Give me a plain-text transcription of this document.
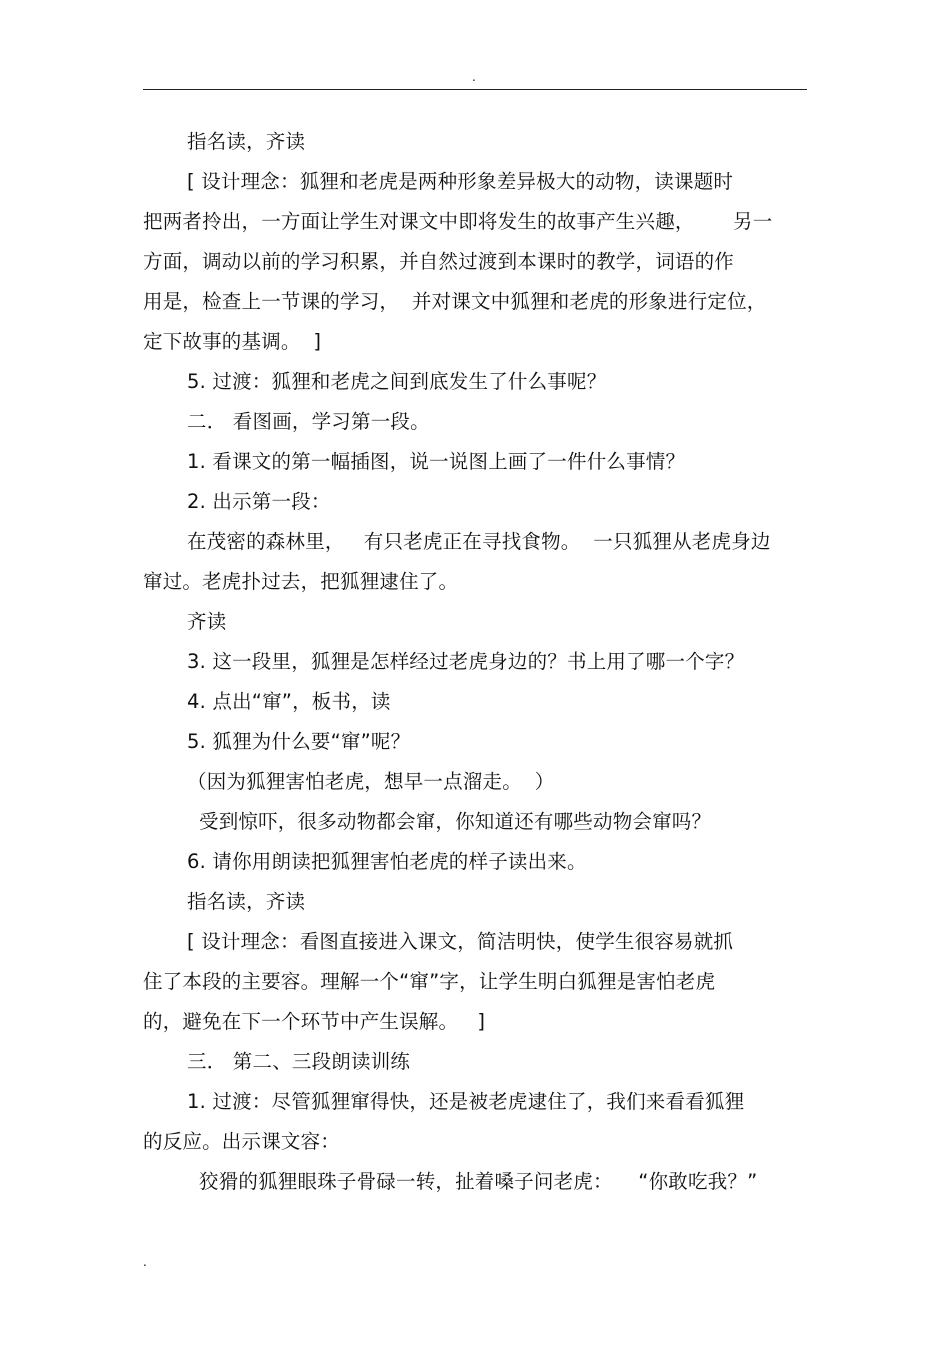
.
指名读，齐读
[ 设计理念：狐狸和老虎是两种形象差异极大的动物，读课题时
把两者拎出，一方面让学生对课文中即将发生的故事产生兴趣，      另一
方面，调动以前的学习积累，并自然过渡到本课时的教学，词语的作
用是，检查上一节课的学习，  并对课文中狐狸和老虎的形象进行定位，
定下故事的基调。  ]
5. 过渡：狐狸和老虎之间到底发生了什么事呢？
二． 看图画，学习第一段。
1. 看课文的第一幅插图，说一说图上画了一件什么事情？
2. 出示第一段：
在茂密的森林里，   有只老虎正在寻找食物。  一只狐狸从老虎身边
窜过。老虎扑过去，把狐狸逮住了。
齐读
3. 这一段里，狐狸是怎样经过老虎身边的？书上用了哪一个字？
4. 点出“窜”，板书，读
5. 狐狸为什么要“窜”呢？
（因为狐狸害怕老虎，想早一点溜走。  ）
受到惊吓，很多动物都会窜，你知道还有哪些动物会窜吗？
6. 请你用朗读把狐狸害怕老虎的样子读出来。
指名读，齐读
[ 设计理念：看图直接进入课文，简洁明快，使学生很容易就抓
住了本段的主要容。理解一个“窜”字，让学生明白狐狸是害怕老虎
的，避免在下一个环节中产生误解。   ]
三． 第二、三段朗读训练
1. 过渡：尽管狐狸窜得快，还是被老虎逮住了，我们来看看狐狸
的反应。出示课文容：
狡猾的狐狸眼珠子骨碌一转，扯着嗓子问老虎：    “你敢吃我？”
.
